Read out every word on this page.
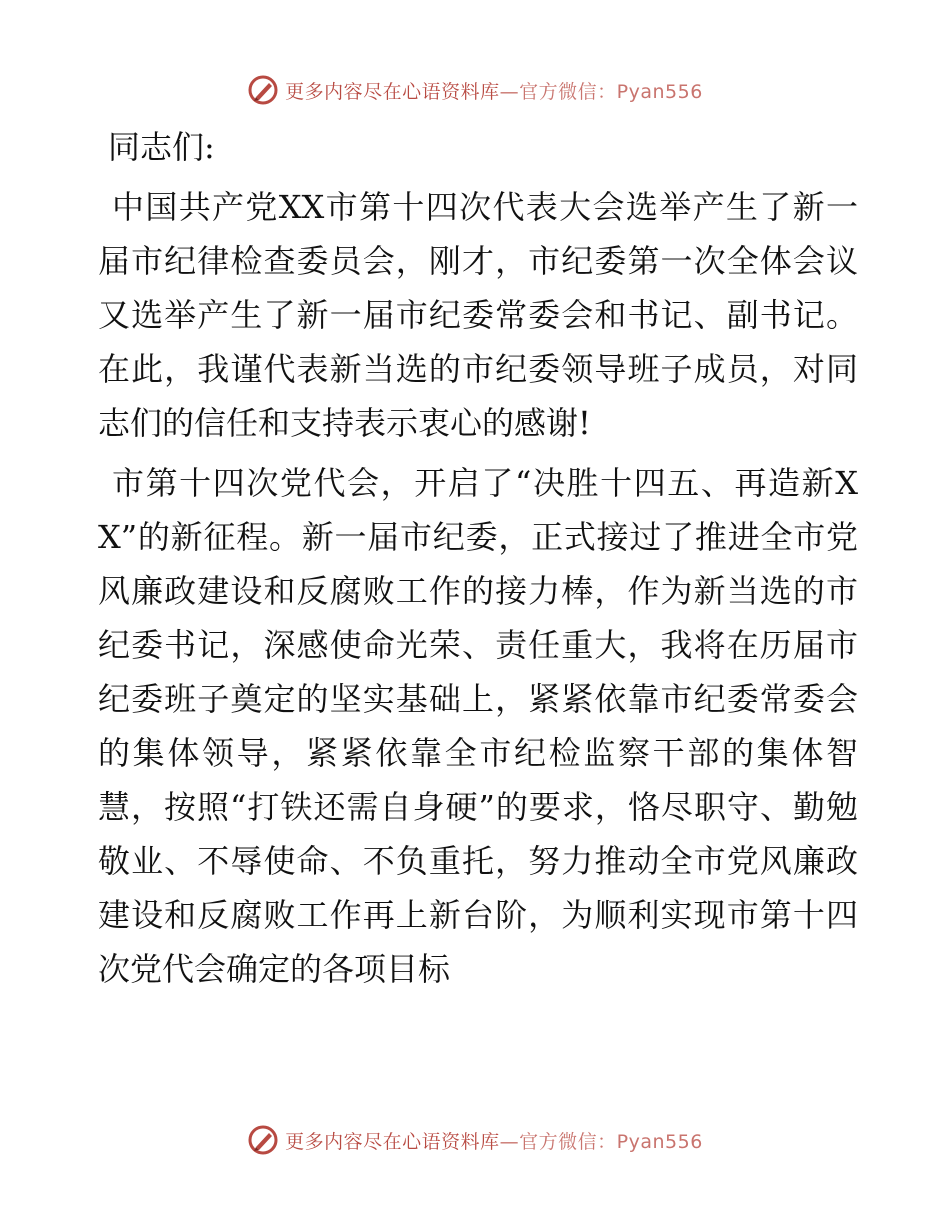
更多内容尽在心语资料库—官方微信：Pyan556

同志们:

中国共产党XX市第十四次代表大会选举产生了新一届市纪律检查委员会，刚才，市纪委第一次全体会议又选举产生了新一届市纪委常委会和书记、副书记。在此，我谨代表新当选的市纪委领导班子成员，对同志们的信任和支持表示衷心的感谢!

市第十四次党代会，开启了“决胜十四五、再造新XX”的新征程。新一届市纪委，正式接过了推进全市党风廉政建设和反腐败工作的接力棒，作为新当选的市纪委书记，深感使命光荣、责任重大，我将在历届市纪委班子奠定的坚实基础上，紧紧依靠市纪委常委会的集体领导，紧紧依靠全市纪检监察干部的集体智慧，按照“打铁还需自身硬”的要求，恪尽职守、勤勉敬业、不辱使命、不负重托，努力推动全市党风廉政建设和反腐败工作再上新台阶，为顺利实现市第十四次党代会确定的各项目标

更多内容尽在心语资料库—官方微信：Pyan556
